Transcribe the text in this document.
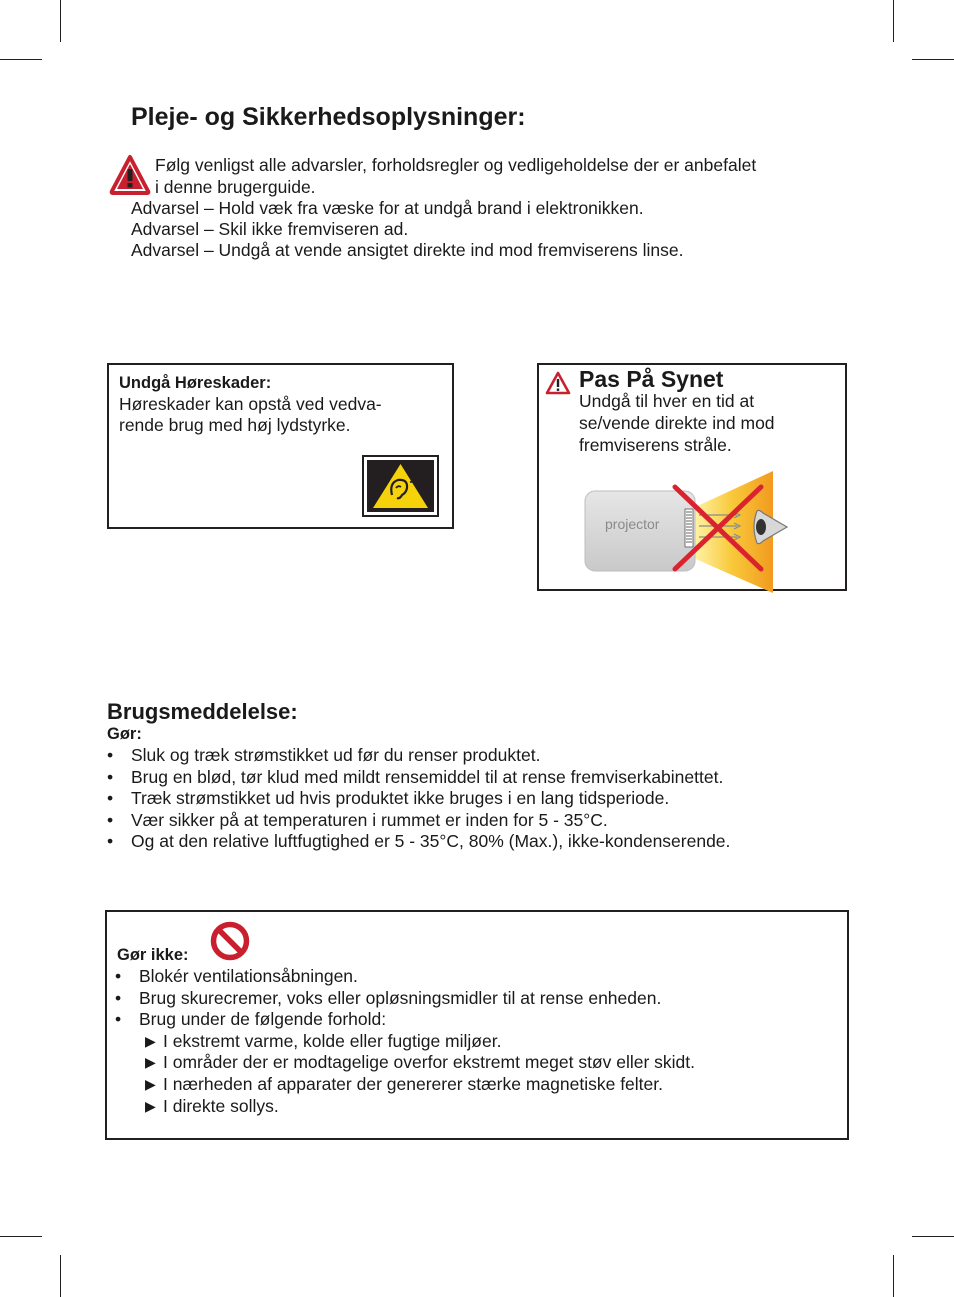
Pleje- og Sikkerhedsoplysninger:
Følg venligst alle advarsler, forholdsregler og vedligeholdelse der er anbefalet
i denne brugerguide.
Advarsel – Hold væk fra væske for at undgå brand i elektronikken.
Advarsel – Skil ikke fremviseren ad.
Advarsel – Undgå at vende ansigtet direkte ind mod fremviserens linse.
Undgå Høreskader:
Høreskader kan opstå ved vedva-
rende brug med høj lydstyrke.
Pas På Synet
Undgå til hver en tid at
se/vende direkte ind mod
fremviserens stråle.
projector
Brugsmeddelelse:
Gør:
• Sluk og træk strømstikket ud før du renser produktet.
• Brug en blød, tør klud med mildt rensemiddel til at rense fremviserkabinettet.
• Træk strømstikket ud hvis produktet ikke bruges i en lang tidsperiode.
• Vær sikker på at temperaturen i rummet er inden for 5 - 35°C.
• Og at den relative luftfugtighed er 5 - 35°C, 80% (Max.), ikke-kondenserende.
Gør ikke:
• Blokér ventilationsåbningen.
• Brug skurecremer, voks eller opløsningsmidler til at rense enheden.
• Brug under de følgende forhold:
▶ I ekstremt varme, kolde eller fugtige miljøer.
▶ I områder der er modtagelige overfor ekstremt meget støv eller skidt.
▶ I nærheden af apparater der genererer stærke magnetiske felter.
▶ I direkte sollys.
